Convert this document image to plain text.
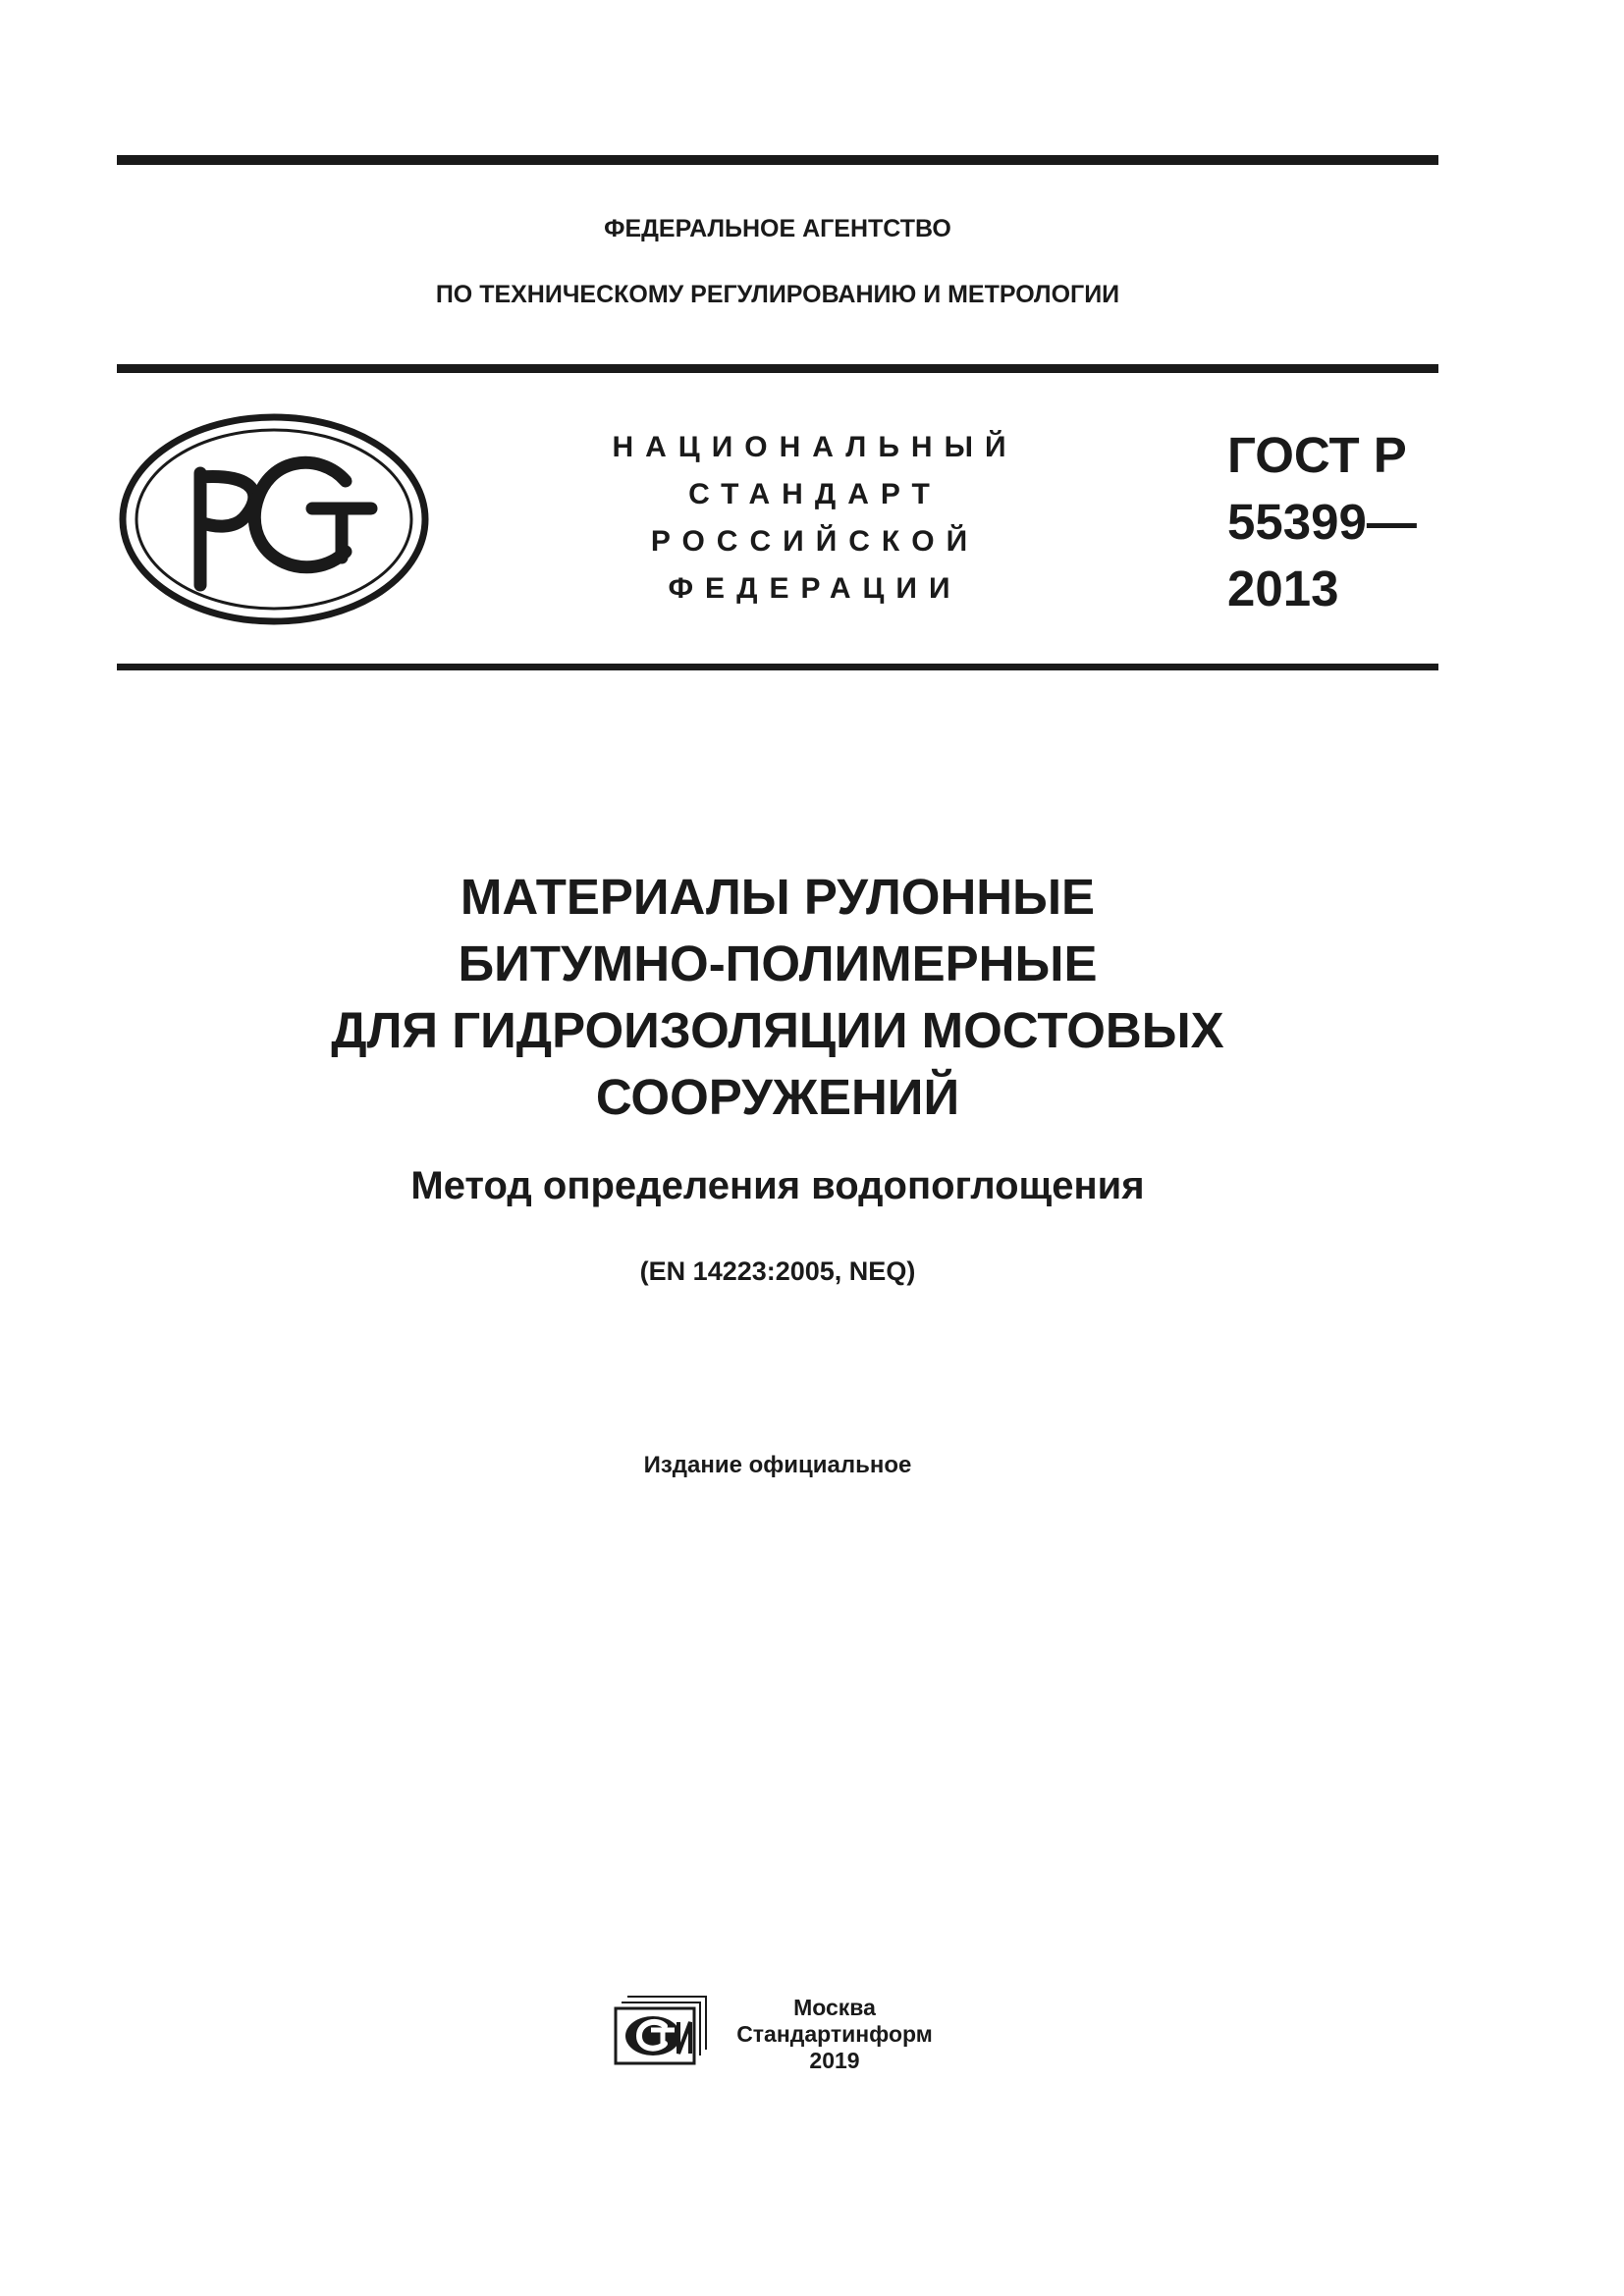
ФЕДЕРАЛЬНОЕ АГЕНТСТВО
ПО ТЕХНИЧЕСКОМУ РЕГУЛИРОВАНИЮ И МЕТРОЛОГИИ
НАЦИОНАЛЬНЫЙ
СТАНДАРТ
РОССИЙСКОЙ
ФЕДЕРАЦИИ
ГОСТ Р
55399—
2013
МАТЕРИАЛЫ РУЛОННЫЕ
БИТУМНО-ПОЛИМЕРНЫЕ
ДЛЯ ГИДРОИЗОЛЯЦИИ МОСТОВЫХ
СООРУЖЕНИЙ
Метод определения водопоглощения
(EN 14223:2005, NEQ)
Издание официальное
Москва
Стандартинформ
2019
